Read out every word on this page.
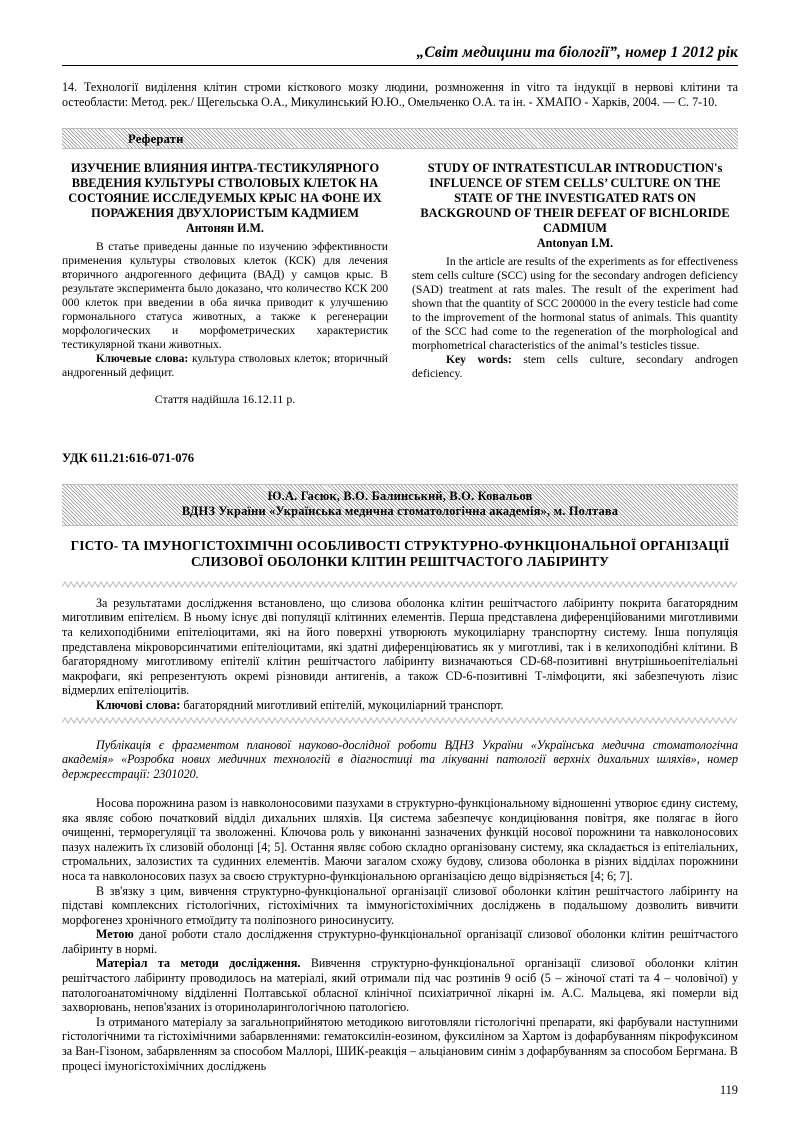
„Світ медицини та біології”, номер 1 2012 рік

14. Технології виділення клітин строми кісткового мозку людини, розмноження in vitro та індукції в нервові клітини та остеобласти: Метод. рек./ Щегельська О.А., Микулинський Ю.Ю., Омельченко О.А. та ін. - ХМАПО - Харків, 2004. — С. 7-10.

Реферати

ИЗУЧЕНИЕ ВЛИЯНИЯ ИНТРА-ТЕСТИКУЛЯРНОГО ВВЕДЕНИЯ КУЛЬТУРЫ СТВОЛОВЫХ КЛЕТОК НА СОСТОЯНИЕ ИССЛЕДУЕМЫХ КРЫС НА ФОНЕ ИХ ПОРАЖЕНИЯ ДВУХЛОРИСТЫМ КАДМИЕМ

Антонян И.М.

В статье приведены данные по изучению эффективности применения культуры стволовых клеток (КСК) для лечения вторичного андрогенного дефицита (ВАД) у самцов крыс. В результате эксперимента было доказано, что количество КСК 200 000 клеток при введении в оба яичка приводит к улучшению гормонального статуса животных, а также к регенерации морфологических и морфометрических характеристик тестикулярной ткани животных.

Ключевые слова: культура стволовых клеток; вторичный андрогенный дефицит.

Стаття надійшла 16.12.11 р.

STUDY OF INTRATESTICULAR INTRODUCTION's INFLUENCE OF STEM CELLS’ CULTURE ON THE STATE OF THE INVESTIGATED RATS ON BACKGROUND OF THEIR DEFEAT OF BICHLORIDE CADMIUM

Antonyan I.M.

In the article are results of the experiments as for effectiveness stem cells culture (SCC) using for the secondary androgen deficiency (SAD) treatment at rats males. The result of the experiment had shown that the quantity of SCC 200000 in the every testicle had come to the improvement of the hormonal status of animals. This quantity of the SCC had come to the regeneration of the morphological and morphometrical characteristics of the animal’s testicles tissue.

Key words: stem cells culture, secondary androgen deficiency.

УДК 611.21:616-071-076

Ю.А. Гасюк, В.О. Балинський, В.О. Ковальов
ВДНЗ України «Українська медична стоматологічна академія», м. Полтава

ГІСТО- ТА ІМУНОГІСТОХІМІЧНІ ОСОБЛИВОСТІ СТРУКТУРНО-ФУНКЦІОНАЛЬНОЇ ОРГАНІЗАЦІЇ СЛИЗОВОЇ ОБОЛОНКИ КЛІТИН РЕШІТЧАСТОГО ЛАБІРИНТУ

За результатами дослідження встановлено, що слизова оболонка клітин решітчастого лабіринту покрита багаторядним миготливим епітелієм. В ньому існує дві популяції клітинних елементів. Перша представлена диференційованими миготливими та келихоподібними епітеліоцитами, які на його поверхні утворюють мукоциліарну транспортну систему. Інша популяція представлена мікроворсинчатими епітеліоцитами, які здатні диференціюватись як у миготливі, так і в келихоподібні клітини. В багаторядному миготливому епітелії клітин решітчастого лабіринту визначаються CD-68-позитивні внутрішньоепітеліальні макрофаги, які репрезентують окремі різновиди антигенів, а також CD-6-позитивні Т-лімфоцити, які забезпечують лізис відмерлих епітеліоцитів.

Ключові слова: багаторядний миготливий епітелій, мукоциліарний транспорт.

Публікація є фрагментом планової науково-дослідної роботи ВДНЗ України «Українська медична стоматологічна академія» «Розробка нових медичних технологій в діагностиці та лікуванні патології верхніх дихальних шляхів», номер держреєстрації: 2301020.

Носова порожнина разом із навколоносовими пазухами в структурно-функціональному відношенні утворює єдину систему, яка являє собою початковий відділ дихальних шляхів. Ця система забезпечує кондиціювання повітря, яке полягає в його очищенні, терморегуляції та зволоженні. Ключова роль у виконанні зазначених функцій носової порожнини та навколоносових пазух належить їх слизовій оболонці [4; 5]. Остання являє собою складно організовану систему, яка складається із епітеліальних, стромальних, залозистих та судинних елементів. Маючи загалом схожу будову, слизова оболонка в різних відділах порожнини носа та навколоносових пазух за своєю структурно-функціональною організацією дещо відрізняється [4; 6; 7].

В зв'язку з цим, вивчення структурно-функціональної організації слизової оболонки клітин решітчастого лабіринту на підставі комплексних гістологічних, гістохімічних та іммуногістохімічних досліджень в подальшому дозволить вивчити морфогенез хронічного етмоїдиту та поліпозного риносинуситу.

Метою даної роботи стало дослідження структурно-функціональної організації слизової оболонки клітин решітчастого лабіринту в нормі.

Матеріал та методи дослідження. Вивчення структурно-функціональної організації слизової оболонки клітин решітчастого лабіринту проводилось на матеріалі, який отримали під час розтинів 9 осіб (5 – жіночої статі та 4 – чоловічої) у патологоанатомічному відділенні Полтавської обласної клінічної психіатричної лікарні ім. А.С. Мальцева, які померли від захворювань, непов'язаних із оториноларингологічною патологією.

Із отриманого матеріалу за загальноприйнятою методикою виготовляли гістологічні препарати, які фарбували наступними гістологічними та гістохімічними забарвленнями: гематоксилін-еозином, фуксиліном за Хартом із дофарбуванням пікрофуксином за Ван-Гізоном, забарвленням за способом Маллорі, ШИК-реакція – альціановим синім з дофарбуванням за способом Бергмана. В процесі імуногістохімічних досліджень

119
